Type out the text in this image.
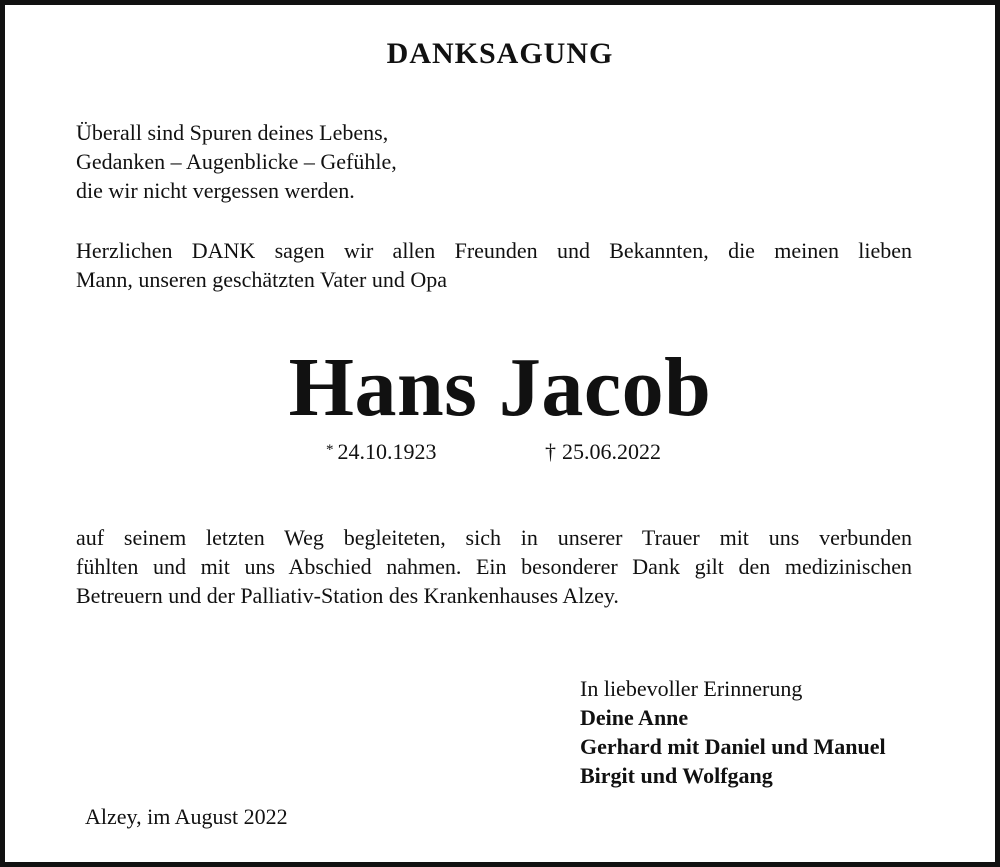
DANKSAGUNG
Überall sind Spuren deines Lebens,
Gedanken – Augenblicke – Gefühle,
die wir nicht vergessen werden.
Herzlichen DANK sagen wir allen Freunden und Bekannten, die meinen lieben
Mann, unseren geschätzten Vater und Opa
Hans Jacob
* 24.10.1923	† 25.06.2022
auf seinem letzten Weg begleiteten, sich in unserer Trauer mit uns verbunden
fühlten und mit uns Abschied nahmen. Ein besonderer Dank gilt den medizinischen
Betreuern und der Palliativ-Station des Krankenhauses Alzey.
In liebevoller Erinnerung
Deine Anne
Gerhard mit Daniel und Manuel
Birgit und Wolfgang
Alzey, im August 2022
